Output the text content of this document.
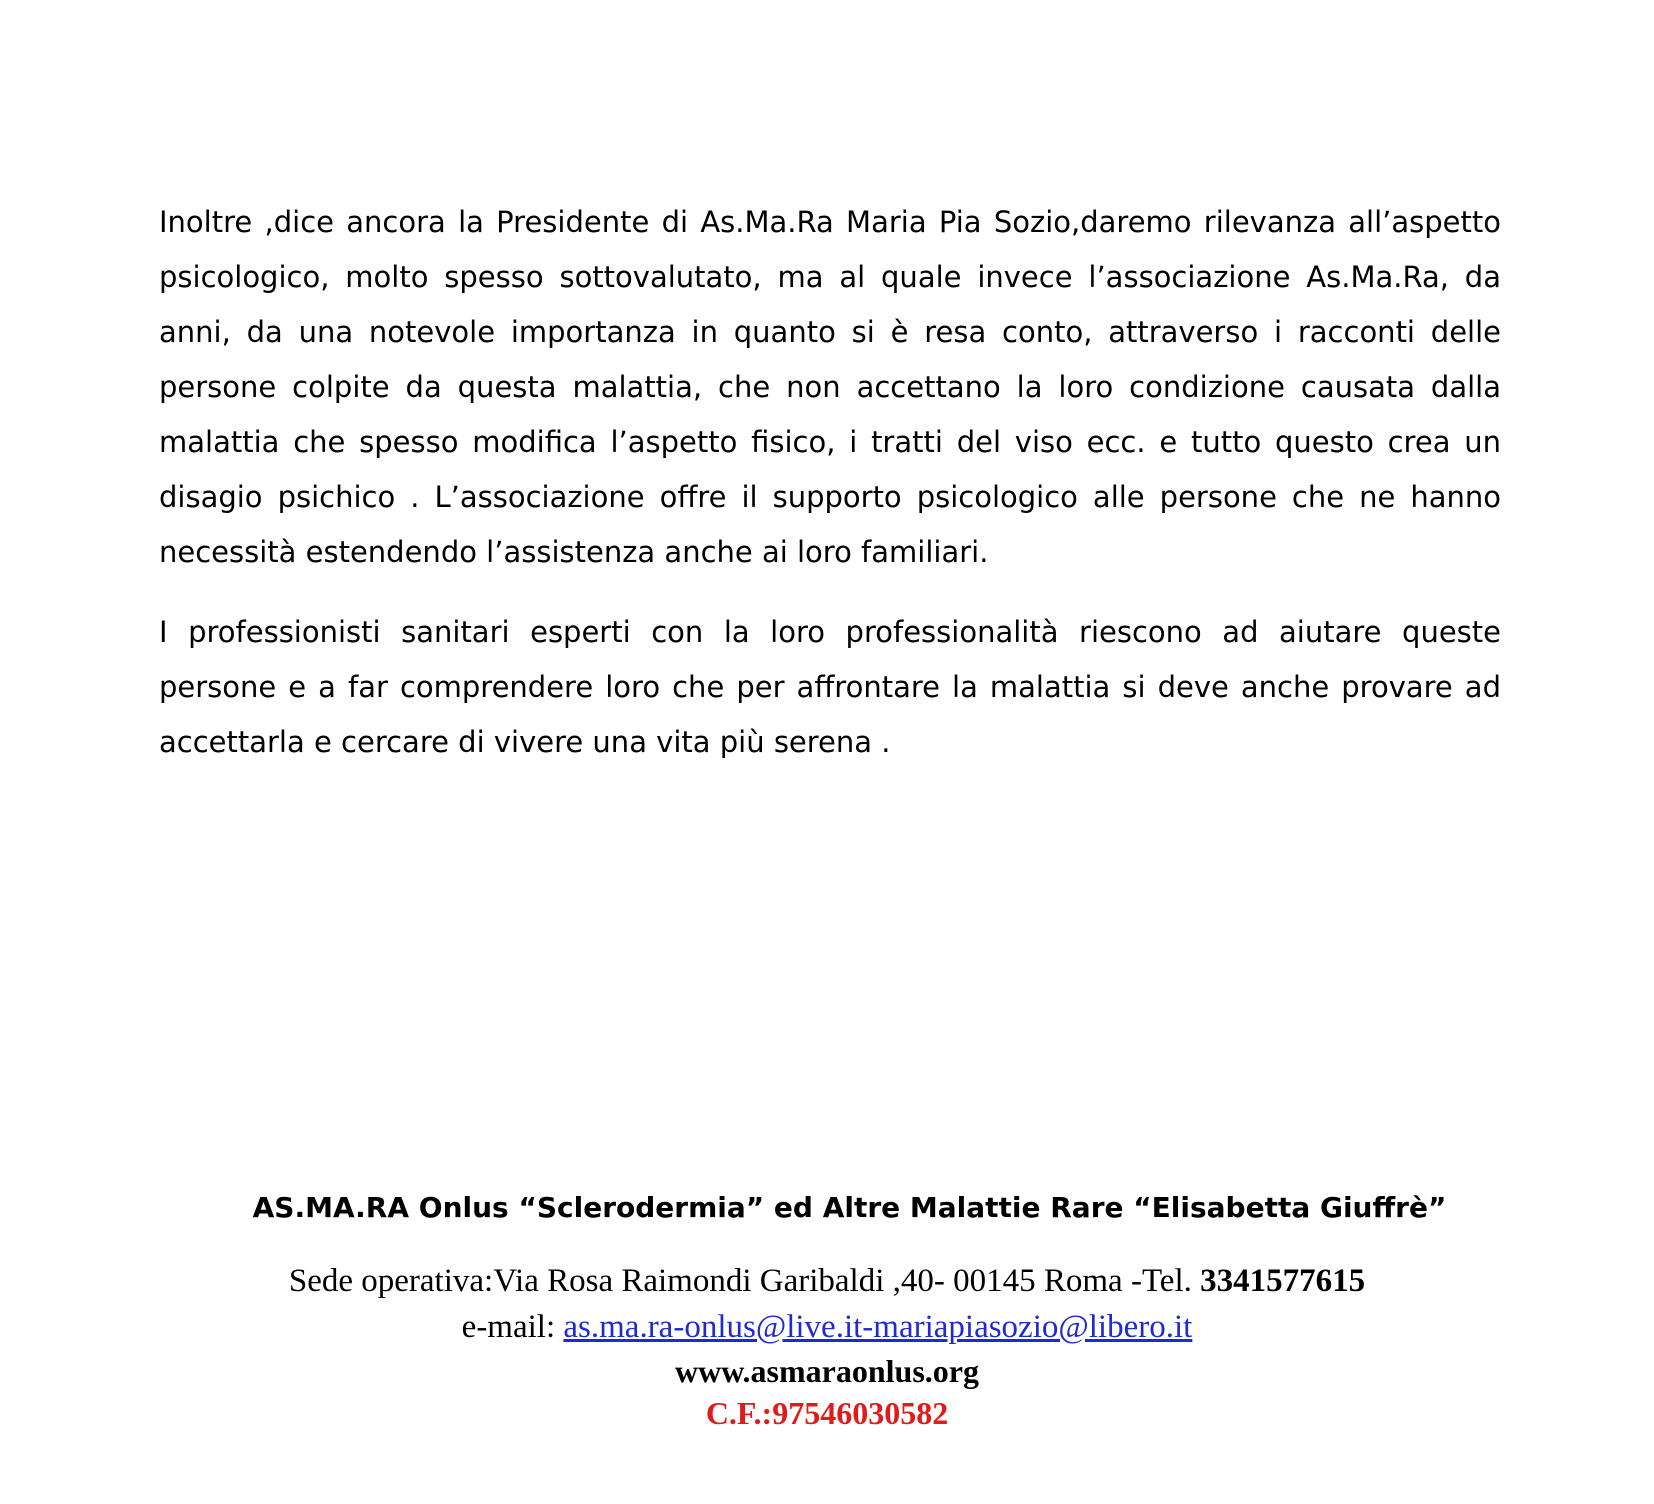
Inoltre ,dice ancora la Presidente di As.Ma.Ra Maria Pia Sozio,daremo rilevanza all’aspetto psicologico, molto spesso sottovalutato, ma al quale invece l’associazione As.Ma.Ra, da anni, da una notevole importanza in quanto si è resa conto, attraverso i racconti delle persone colpite da questa malattia, che non accettano la loro condizione causata dalla malattia che spesso modifica l’aspetto fisico, i tratti del viso ecc. e tutto questo crea un disagio psichico . L’associazione offre il supporto psicologico alle persone che ne hanno necessità estendendo l’assistenza anche ai loro familiari.

I professionisti sanitari esperti con la loro professionalità riescono ad aiutare queste persone e a far comprendere loro che per affrontare la malattia si deve anche provare ad accettarla e cercare di vivere una vita più serena .

AS.MA.RA Onlus “Sclerodermia” ed Altre Malattie Rare “Elisabetta Giuffrè”

Sede operativa:Via Rosa Raimondi Garibaldi ,40- 00145 Roma -Tel. 3341577615
e-mail: as.ma.ra-onlus@live.it-mariapiasozio@libero.it
www.asmaraonlus.org
C.F.:97546030582
